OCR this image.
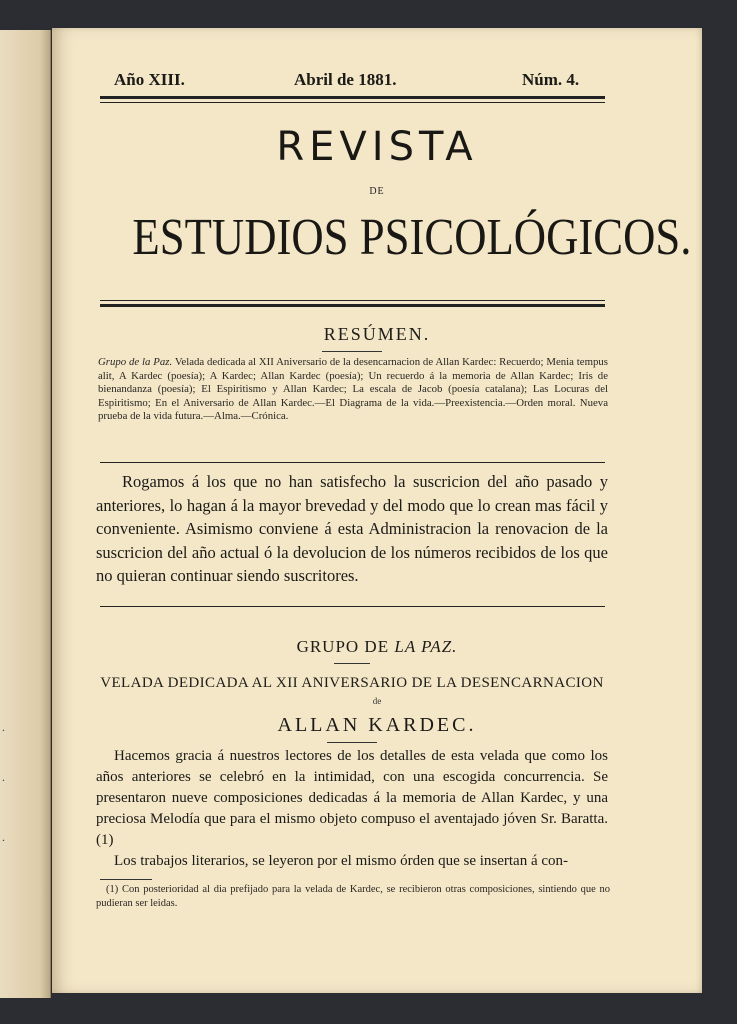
.
.
.
Año XIII.	Abril de 1881.	Núm. 4.
REVISTA
DE
ESTUDIOS PSICOLÓGICOS.
RESÚMEN.
Grupo de la Paz. Velada dedicada al XII Aniversario de la desencarnacion de Allan Kardec: Recuerdo; Menia tempus alit, A Kardec (poesía); A Kardec; Allan Kardec (poesía); Un recuerdo á la memoria de Allan Kardec; Iris de bienandanza (poesía); El Espiritismo y Allan Kardec; La escala de Jacob (poesía catalana); Las Locuras del Espiritismo; En el Aniversario de Allan Kardec.—El Diagrama de la vida.—Preexistencia.—Orden moral. Nueva prueba de la vida futura.—Alma.—Crónica.

Rogamos á los que no han satisfecho la suscricion del año pasado y anteriores, lo hagan á la mayor brevedad y del modo que lo crean mas fácil y conveniente. Asimismo conviene á esta Administracion la renovacion de la suscricion del año actual ó la devolucion de los números recibidos de los que no quieran continuar siendo suscritores.

GRUPO DE LA PAZ.
VELADA DEDICADA AL XII ANIVERSARIO DE LA DESENCARNACION
de
ALLAN KARDEC.

Hacemos gracia á nuestros lectores de los detalles de esta velada que como los años anteriores se celebró en la intimidad, con una escogida concurrencia. Se presentaron nueve composiciones dedicadas á la memoria de Allan Kardec, y una preciosa Melodía que para el mismo objeto compuso el aventajado jóven Sr. Baratta. (1)

Los trabajos literarios, se leyeron por el mismo órden que se insertan á con-

(1) Con posterioridad al dia prefijado para la velada de Kardec, se recibieron otras composiciones, sintiendo que no pudieran ser leidas.
